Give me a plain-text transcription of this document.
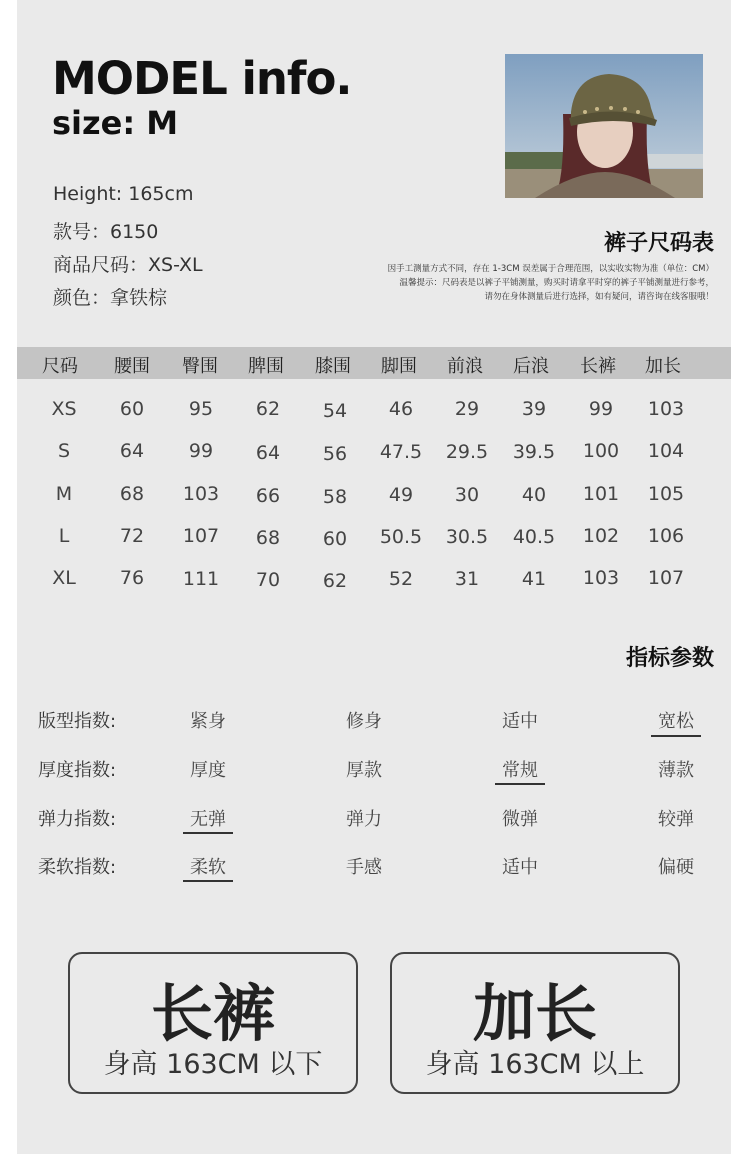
MODEL info.
size: M
Height: 165cm
款号：6150
商品尺码：XS-XL
颜色：拿铁棕
裤子尺码表
因手工测量方式不同，存在 1-3CM 误差属于合理范围，以实收实物为准（单位：CM）
温馨提示：尺码表是以裤子平铺测量，购买时请拿平时穿的裤子平铺测量进行参考，
请勿在身体测量后进行选择，如有疑问，请咨询在线客服哦！
尺码	腰围	臀围	脾围	膝围	脚围	前浪	后浪	长裤	加长
XS	60	95	62	54	46	29	39	99	103
S	64	99	64	56	47.5	29.5	39.5	100	104
M	68	103	66	58	49	30	40	101	105
L	72	107	68	60	50.5	30.5	40.5	102	106
XL	76	111	70	62	52	31	41	103	107
指标参数
版型指数:	紧身	修身	适中	宽松
厚度指数:	厚度	厚款	常规	薄款
弹力指数:	无弹	弹力	微弹	较弹
柔软指数:	柔软	手感	适中	偏硬
长裤
身高 163CM 以下
加长
身高 163CM 以上
